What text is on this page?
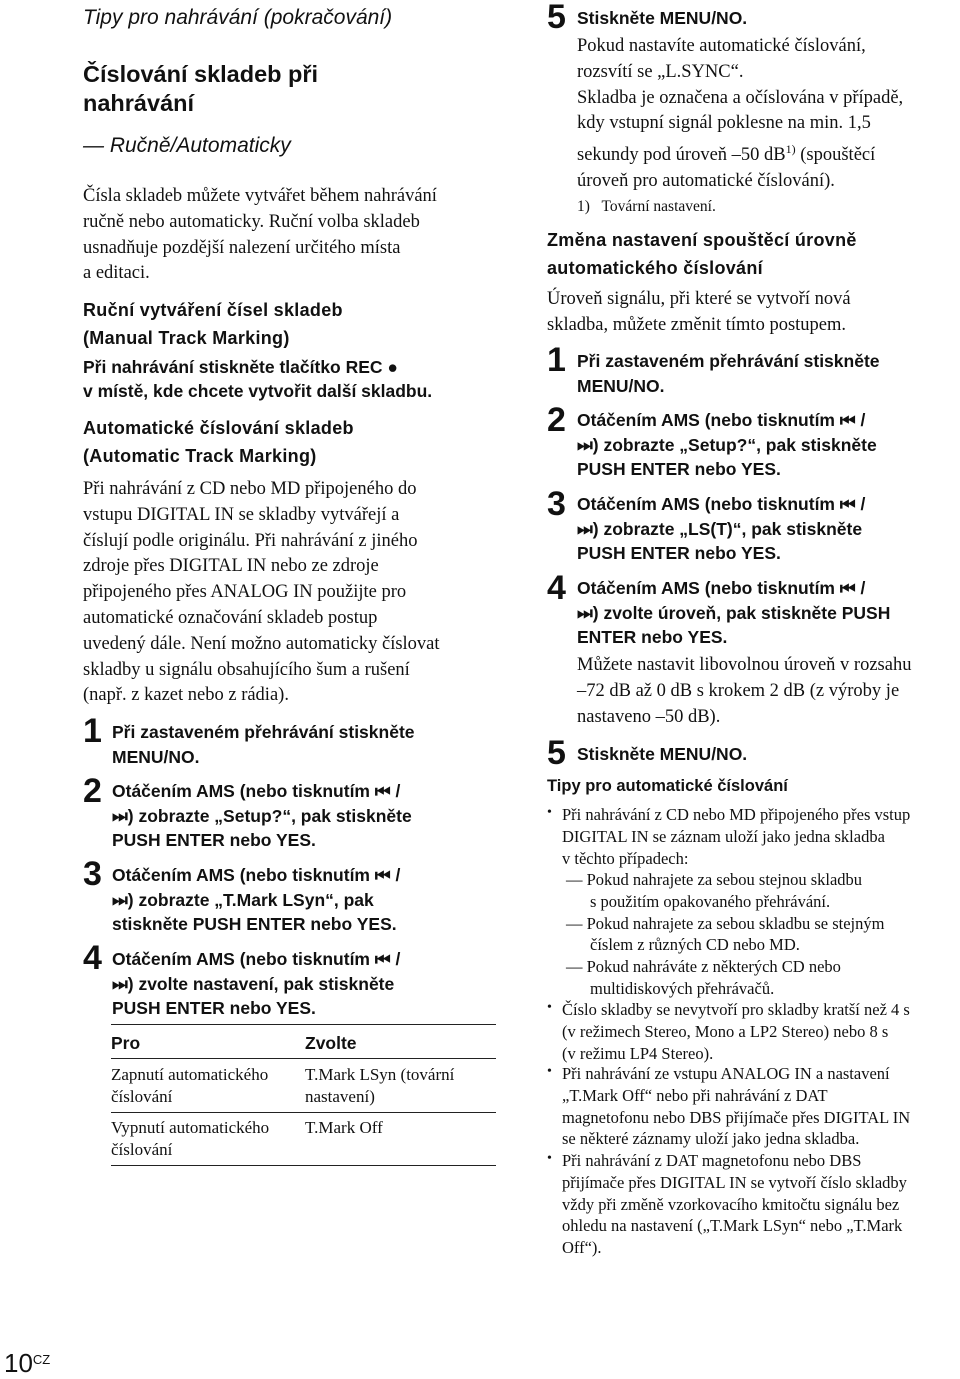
Tipy pro nahrávání (pokračování)
Číslování skladeb při
nahrávání
— Ručně/Automaticky
Čísla skladeb můžete vytvářet během nahrávání
ručně nebo automaticky. Ruční volba skladeb
usnadňuje pozdější nalezení určitého místa
a editaci.
Ruční vytváření čísel skladeb
(Manual Track Marking)
Při nahrávání stiskněte tlačítko REC ●
v místě, kde chcete vytvořit další skladbu.
Automatické číslování skladeb
(Automatic Track Marking)
Při nahrávání z CD nebo MD připojeného do
vstupu DIGITAL IN se skladby vytvářejí a
číslují podle originálu. Při nahrávání z jiného
zdroje přes DIGITAL IN nebo ze zdroje
připojeného přes ANALOG IN použijte pro
automatické označování skladeb postup
uvedený dále. Není možno automaticky číslovat
skladby u signálu obsahujícího šum a rušení
(např. z kazet nebo z rádia).
1 Při zastaveném přehrávání stiskněte
MENU/NO.
2 Otáčením AMS (nebo tisknutím ⏮ /
⏭) zobrazte „Setup?“, pak stiskněte
PUSH ENTER nebo YES.
3 Otáčením AMS (nebo tisknutím ⏮ /
⏭) zobrazte „T.Mark LSyn“, pak
stiskněte PUSH ENTER nebo YES.
4 Otáčením AMS (nebo tisknutím ⏮ /
⏭) zvolte nastavení, pak stiskněte
PUSH ENTER nebo YES.
Pro	Zvolte
Zapnutí automatického
číslování
T.Mark LSyn (tovární
nastavení)
Vypnutí automatického
číslování
T.Mark Off
5 Stiskněte MENU/NO.
Pokud nastavíte automatické číslování,
rozsvítí se „L.SYNC“.
Skladba je označena a očíslována v případě,
kdy vstupní signál poklesne na min. 1,5
sekundy pod úroveň –50 $dB^{1)}$ (spouštěcí
úroveň pro automatické číslování).
1) Tovární nastavení.
Změna nastavení spouštěcí úrovně
automatického číslování
Úroveň signálu, při které se vytvoří nová
skladba, můžete změnit tímto postupem.
1 Při zastaveném přehrávání stiskněte
MENU/NO.
2 Otáčením AMS (nebo tisknutím ⏮ /
⏭) zobrazte „Setup?“, pak stiskněte
PUSH ENTER nebo YES.
3 Otáčením AMS (nebo tisknutím ⏮ /
⏭) zobrazte „LS(T)“, pak stiskněte
PUSH ENTER nebo YES.
4 Otáčením AMS (nebo tisknutím ⏮ /
⏭) zvolte úroveň, pak stiskněte PUSH
ENTER nebo YES.
Můžete nastavit libovolnou úroveň v rozsahu
–72 dB až 0 dB s krokem 2 dB (z výroby je
nastaveno –50 dB).
5 Stiskněte MENU/NO.
Tipy pro automatické číslování
• Při nahrávání z CD nebo MD připojeného přes vstup
DIGITAL IN se záznam uloží jako jedna skladba
v těchto případech:
— Pokud nahrajete za sebou stejnou skladbu
s použitím opakovaného přehrávání.
— Pokud nahrajete za sebou skladbu se stejným
číslem z různých CD nebo MD.
— Pokud nahráváte z některých CD nebo
multidiskových přehrávačů.
• Číslo skladby se nevytvoří pro skladby kratší než 4 s
(v režimech Stereo, Mono a LP2 Stereo) nebo 8 s
(v režimu LP4 Stereo).
• Při nahrávání ze vstupu ANALOG IN a nastavení
„T.Mark Off“ nebo při nahrávání z DAT
magnetofonu nebo DBS přijímače přes DIGITAL IN
se některé záznamy uloží jako jedna skladba.
• Při nahrávání z DAT magnetofonu nebo DBS
přijímače přes DIGITAL IN se vytvoří číslo skladby
vždy při změně vzorkovacího kmitočtu signálu bez
ohledu na nastavení („T.Mark LSyn“ nebo „T.Mark
Off“).
$10^{CZ}$
